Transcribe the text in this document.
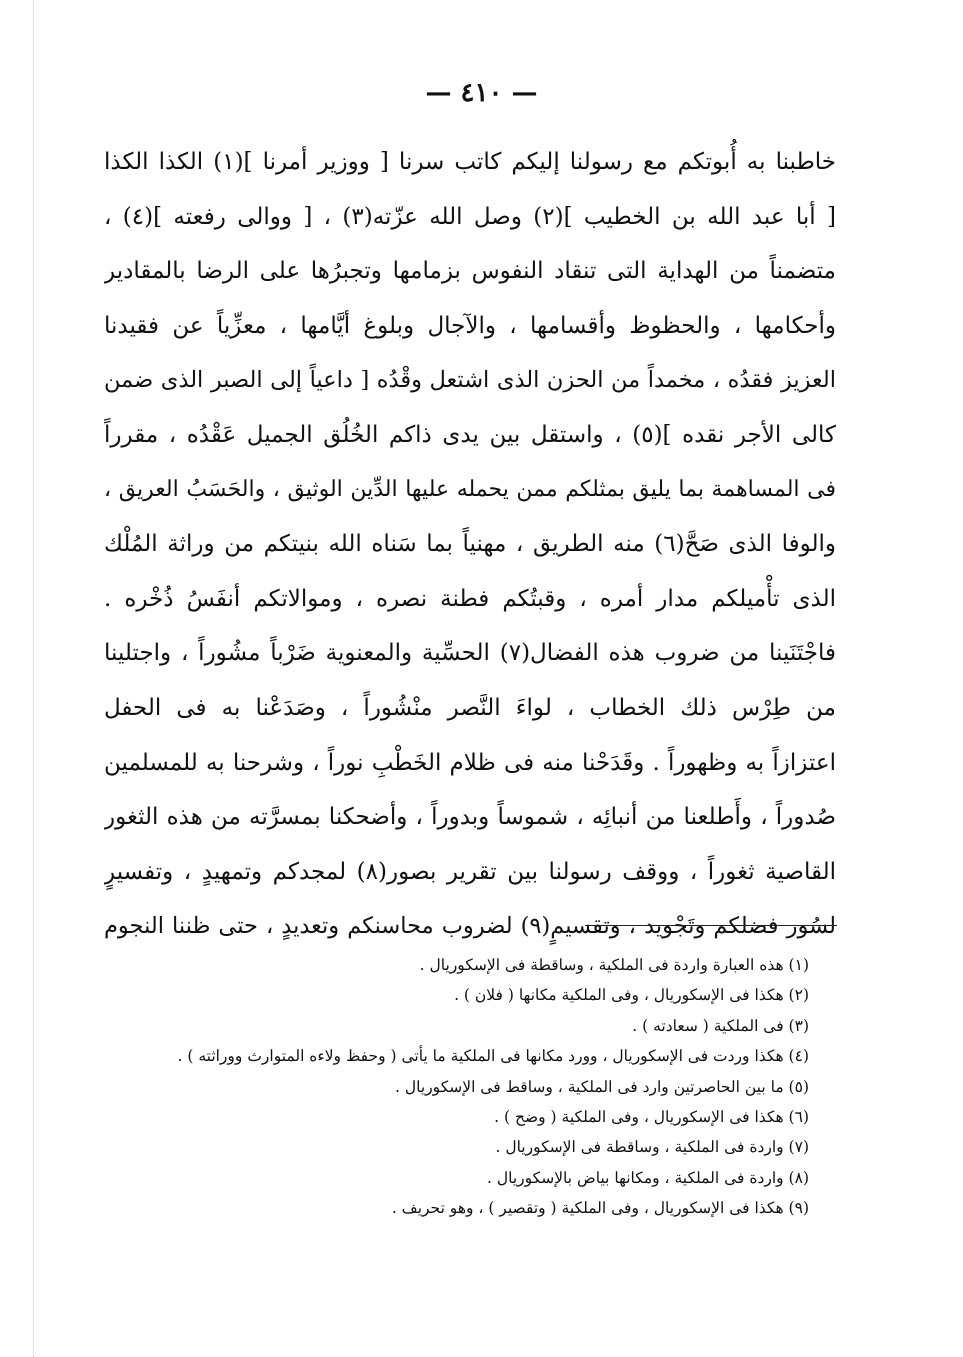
— ٤١٠ —
خاطبنا به أُبوتكم مع رسولنا إليكم كاتب سرنا [ ووزير أمرنا ](١) الكذا الكذا
[ أبا عبد الله بن الخطيب ](٢) وصل الله عزّته(٣) ، [ ووالى رفعته ](٤) ،
متضمناً من الهداية التى تنقاد النفوس بزمامها وتجبرُها على الرضا بالمقادير
وأحكامها ، والحظوظ وأقسامها ، والآجال وبلوغ أيَّامها ، معزِّياً عن فقيدنا
العزيز فقدُه ، مخمداً من الحزن الذى اشتعل وقْدُه [ داعياً إلى الصبر الذى ضمن
كالى الأجر نقده ](٥) ، واستقل بين يدى ذاكم الخُلُق الجميل عَقْدُه ، مقرراً
فى المساهمة بما يليق بمثلكم ممن يحمله عليها الدِّين الوثيق ، والحَسَبُ العريق ،
والوفا الذى صَحَّ(٦) منه الطريق ، مهنياً بما سَناه الله بنيتكم من وراثة المُلْك
الذى تأْميلكم مدار أمره ، وقبتُكم فطنة نصره ، وموالاتكم أنفَسُ ذُخْره .
فاجْتَنَينا من ضروب هذه الفضال(٧) الحسِّية والمعنوية ضَرْباً مشُوراً ، واجتلينا
من طِرْس ذلك الخطاب ، لواءَ النَّصر منْشُوراً ، وصَدَعْنا به فى الحفل
اعتزازاً به وظهوراً . وقَدَحْنا منه فى ظلام الخَطْبِ نوراً ، وشرحنا به للمسلمين
صُدوراً ، وأَطلعنا من أنبائِه ، شموساً وبدوراً ، وأضحكنا بمسرَّته من هذه الثغور
القاصية ثغوراً ، ووقف رسولنا بين تقرير بصور(٨) لمجدكم وتمهيدٍ ، وتفسيرٍ
لسُور فضلكم وتَجْويد ، وتقسيمٍ(٩) لضروب محاسنكم وتعديدٍ ، حتى ظننا النجوم
(١) هذه العبارة واردة فى الملكية ، وساقطة فى الإسكوريال .
(٢) هكذا فى الإسكوريال ، وفى الملكية مكانها ( فلان ) .
(٣) فى الملكية ( سعادته ) .
(٤) هكذا وردت فى الإسكوريال ، وورد مكانها فى الملكية ما يأتى ( وحفظ ولاءه المتوارث ووراثته ) .
(٥) ما بين الحاصرتين وارد فى الملكية ، وساقط فى الإسكوريال .
(٦) هكذا فى الإسكوريال ، وفى الملكية ( وضح ) .
(٧) واردة فى الملكية ، وساقطة فى الإسكوريال .
(٨) واردة فى الملكية ، ومكانها بياض بالإسكوريال .
(٩) هكذا فى الإسكوريال ، وفى الملكية ( وتقصير ) ، وهو تحريف .
